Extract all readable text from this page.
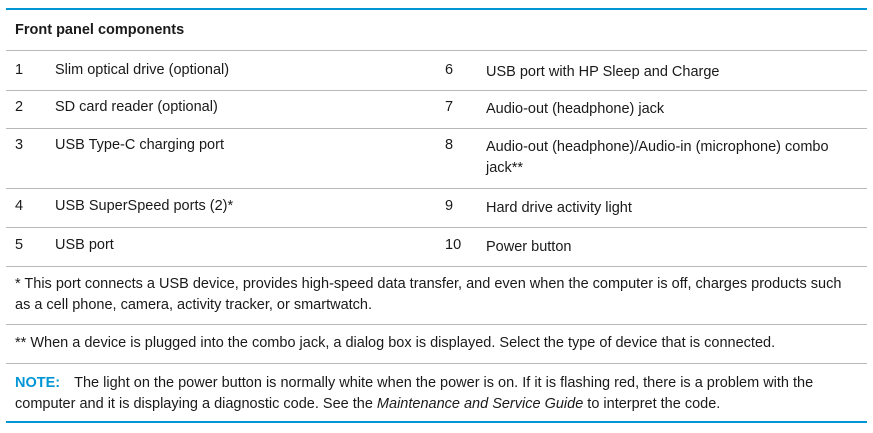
Front panel components
1	Slim optical drive (optional)	6	USB port with HP Sleep and Charge
2	SD card reader (optional)	7	Audio-out (headphone) jack
3	USB Type-C charging port	8	Audio-out (headphone)/Audio-in (microphone) combo jack**
4	USB SuperSpeed ports (2)*	9	Hard drive activity light
5	USB port	10	Power button
* This port connects a USB device, provides high-speed data transfer, and even when the computer is off, charges products such as a cell phone, camera, activity tracker, or smartwatch.
** When a device is plugged into the combo jack, a dialog box is displayed. Select the type of device that is connected.
NOTE: The light on the power button is normally white when the power is on. If it is flashing red, there is a problem with the computer and it is displaying a diagnostic code. See the Maintenance and Service Guide to interpret the code.
